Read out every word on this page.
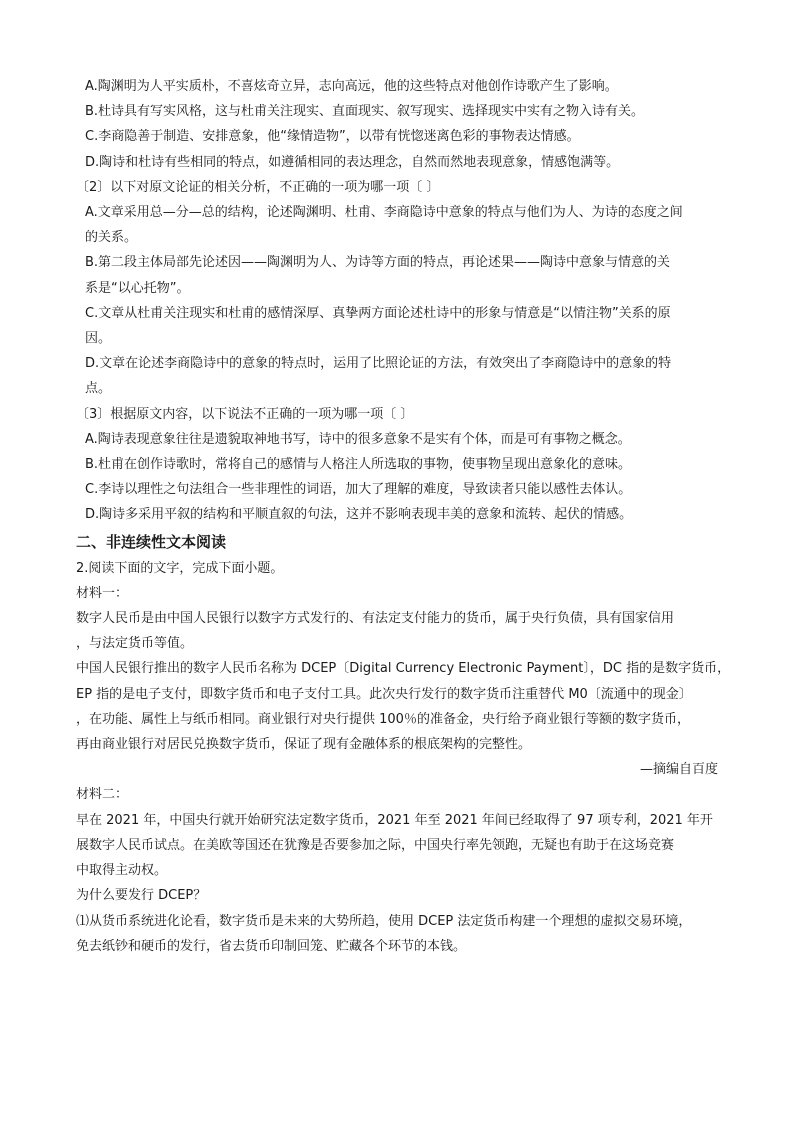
A.陶渊明为人平实质朴，不喜炫奇立异，志向高远，他的这些特点对他创作诗歌产生了影响。
B.杜诗具有写实风格，这与杜甫关注现实、直面现实、叙写现实、选择现实中实有之物入诗有关。
C.李商隐善于制造、安排意象，他“缘情造物”，以带有恍惚迷离色彩的事物表达情感。
D.陶诗和杜诗有些相同的特点，如遵循相同的表达理念，自然而然地表现意象，情感饱满等。
〔2〕以下对原文论证的相关分析，不正确的一项为哪一项〔 〕
A.文章采用总—分—总的结构，论述陶渊明、杜甫、李商隐诗中意象的特点与他们为人、为诗的态度之间
的关系。
B.第二段主体局部先论述因——陶渊明为人、为诗等方面的特点，再论述果——陶诗中意象与情意的关
系是“以心托物”。
C.文章从杜甫关注现实和杜甫的感情深厚、真挚两方面论述杜诗中的形象与情意是“以情注物”关系的原
因。
D.文章在论述李商隐诗中的意象的特点时，运用了比照论证的方法，有效突出了李商隐诗中的意象的特
点。
〔3〕根据原文内容，以下说法不正确的一项为哪一项〔 〕
A.陶诗表现意象往往是遗貌取神地书写，诗中的很多意象不是实有个体，而是可有事物之概念。
B.杜甫在创作诗歌时，常将自己的感情与人格注人所选取的事物，使事物呈现出意象化的意味。
C.李诗以理性之句法组合一些非理性的词语，加大了理解的难度，导致读者只能以感性去体认。
D.陶诗多采用平叙的结构和平顺直叙的句法，这并不影响表现丰美的意象和流转、起伏的情感。
二、非连续性文本阅读
2.阅读下面的文字，完成下面小题。
材料一：
数字人民币是由中国人民银行以数字方式发行的、有法定支付能力的货币，属于央行负债，具有国家信用
，与法定货币等值。
中国人民银行推出的数字人民币名称为 DCEP〔Digital Currency Electronic Payment〕，DC 指的是数字货币，
EP 指的是电子支付，即数字货币和电子支付工具。此次央行发行的数字货币注重替代 M0〔流通中的现金〕
，在功能、属性上与纸币相同。商业银行对央行提供 100％的准备金，央行给予商业银行等额的数字货币，
再由商业银行对居民兑换数字货币，保证了现有金融体系的根底架构的完整性。
—摘编自百度
材料二：
早在 2021 年，中国央行就开始研究法定数字货币，2021 年至 2021 年间已经取得了 97 项专利，2021 年开
展数字人民币试点。在美欧等国还在犹豫是否要参加之际，中国央行率先领跑，无疑也有助于在这场竞赛
中取得主动权。
为什么要发行 DCEP？
⑴从货币系统进化论看，数字货币是未来的大势所趋，使用 DCEP 法定货币构建一个理想的虚拟交易环境，
免去纸钞和硬币的发行，省去货币印制回笼、贮藏各个环节的本钱。
